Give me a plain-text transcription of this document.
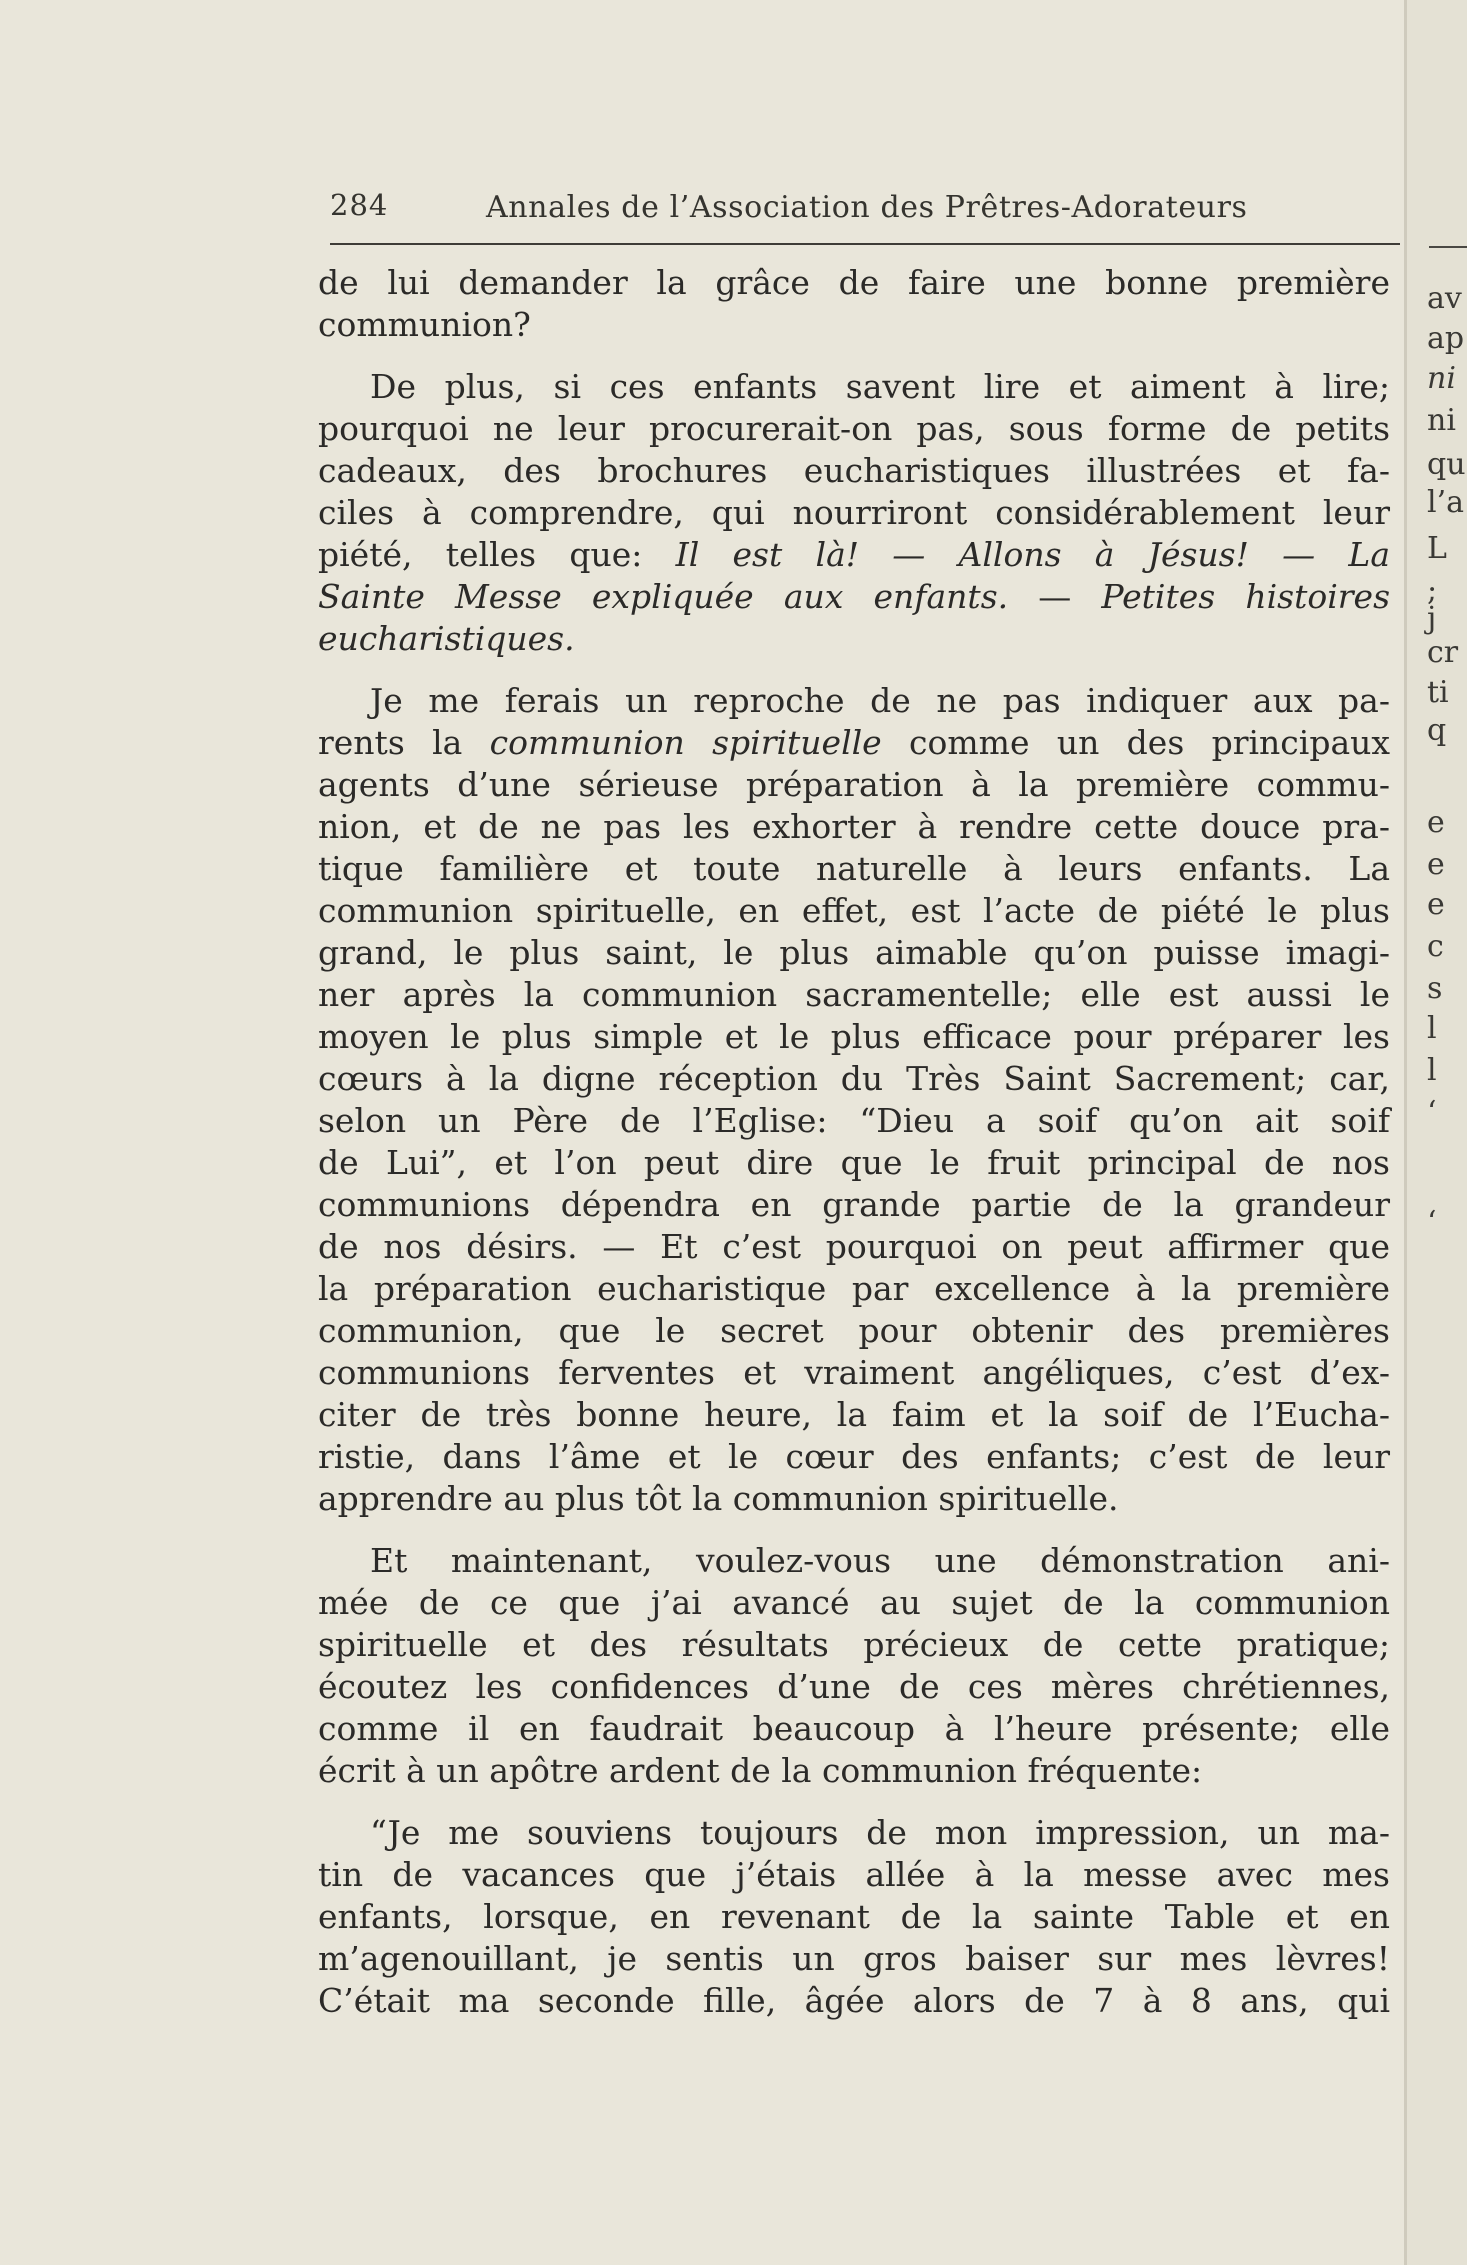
284	Annales de l’Association des Prêtres-Adorateurs
de lui demander la grâce de faire une bonne première
communion?
De plus, si ces enfants savent lire et aiment à lire;
pourquoi ne leur procurerait-on pas, sous forme de petits
cadeaux, des brochures eucharistiques illustrées et fa-
ciles à comprendre, qui nourriront considérablement leur
piété, telles que: Il est là! — Allons à Jésus! — La
Sainte Messe expliquée aux enfants. — Petites histoires
eucharistiques.
Je me ferais un reproche de ne pas indiquer aux pa-
rents la communion spirituelle comme un des principaux
agents d’une sérieuse préparation à la première commu-
nion, et de ne pas les exhorter à rendre cette douce pra-
tique familière et toute naturelle à leurs enfants. La
communion spirituelle, en effet, est l’acte de piété le plus
grand, le plus saint, le plus aimable qu’on puisse imagi-
ner après la communion sacramentelle; elle est aussi le
moyen le plus simple et le plus efficace pour préparer les
cœurs à la digne réception du Très Saint Sacrement; car,
selon un Père de l’Eglise: “Dieu a soif qu’on ait soif
de Lui”, et l’on peut dire que le fruit principal de nos
communions dépendra en grande partie de la grandeur
de nos désirs. — Et c’est pourquoi on peut affirmer que
la préparation eucharistique par excellence à la première
communion, que le secret pour obtenir des premières
communions ferventes et vraiment angéliques, c’est d’ex-
citer de très bonne heure, la faim et la soif de l’Eucha-
ristie, dans l’âme et le cœur des enfants; c’est de leur
apprendre au plus tôt la communion spirituelle.
Et maintenant, voulez-vous une démonstration ani-
mée de ce que j’ai avancé au sujet de la communion
spirituelle et des résultats précieux de cette pratique;
écoutez les confidences d’une de ces mères chrétiennes,
comme il en faudrait beaucoup à l’heure présente; elle
écrit à un apôtre ardent de la communion fréquente:
“Je me souviens toujours de mon impression, un ma-
tin de vacances que j’étais allée à la messe avec mes
enfants, lorsque, en revenant de la sainte Table et en
m’agenouillant, je sentis un gros baiser sur mes lèvres!
C’était ma seconde fille, âgée alors de 7 à 8 ans, qui
av
ap
ni
ni
qu
l’a
L
;
j
cr
ti
q
e
e
e
c
s
l
l
‘
‘
